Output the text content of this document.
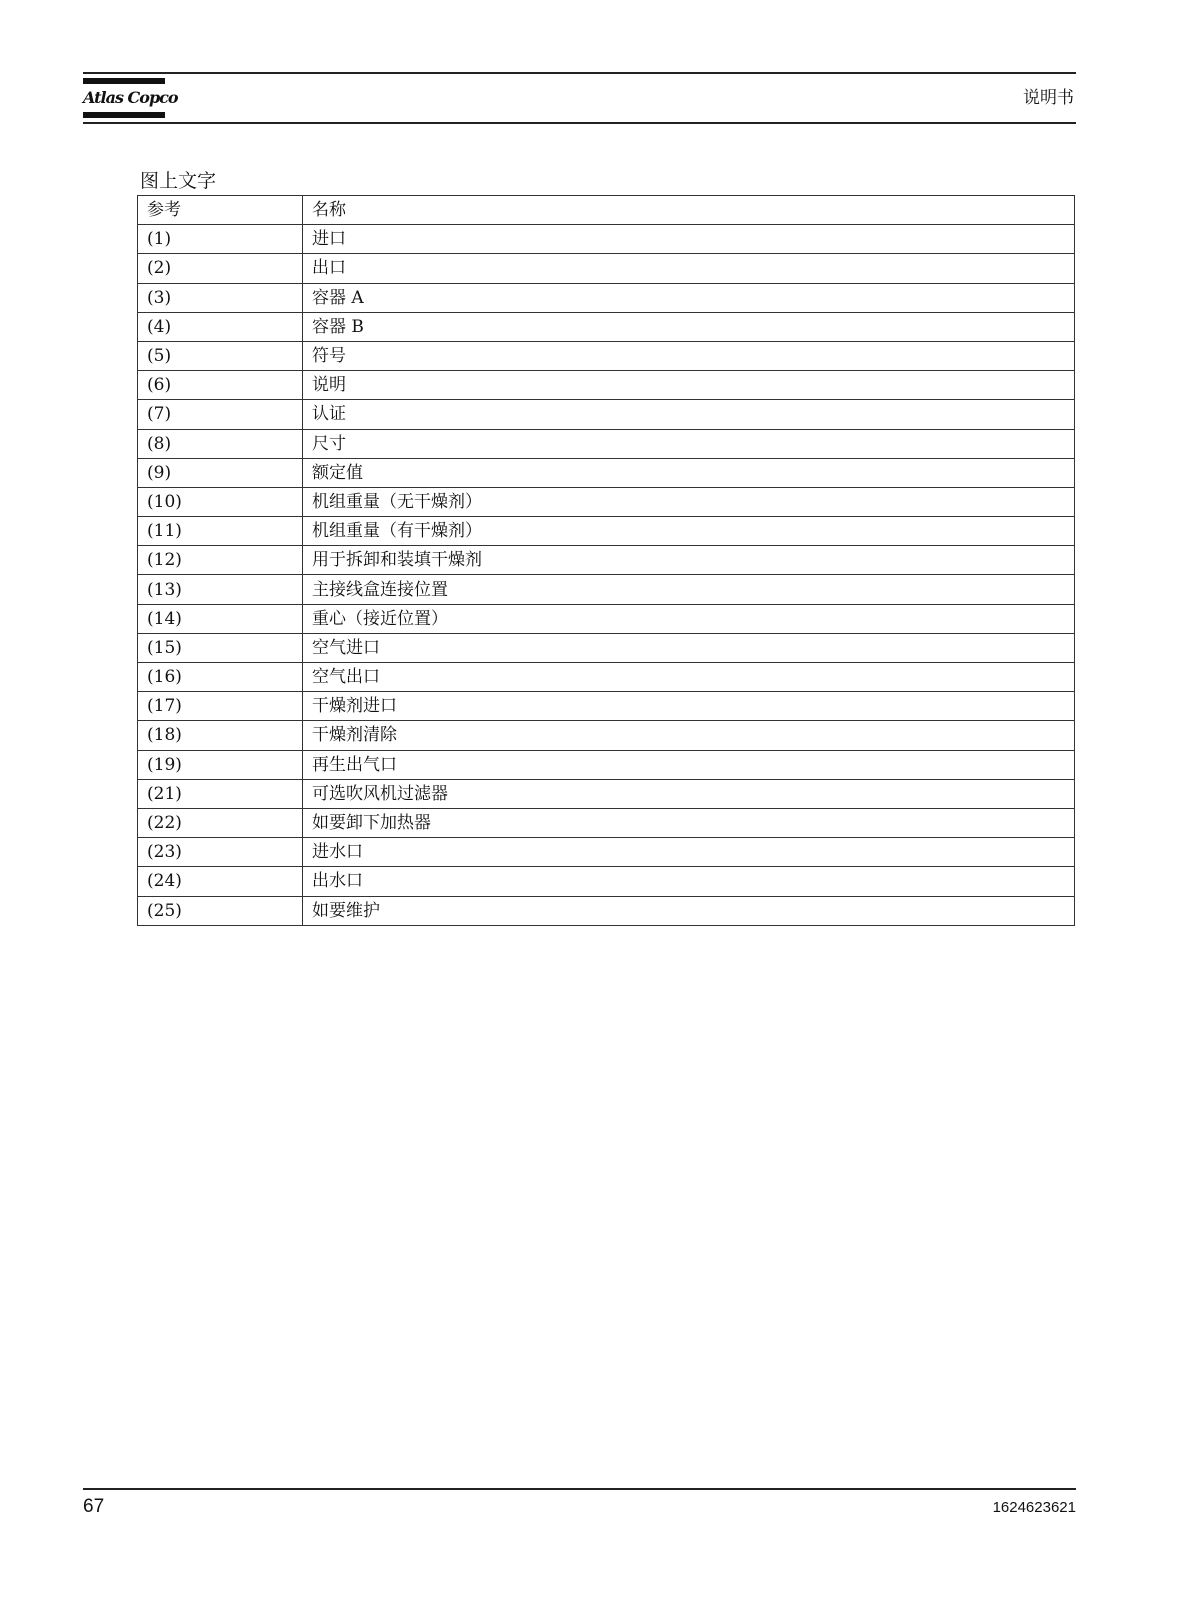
Atlas Copco	说明书
图上文字
参考	名称
(1)	进口
(2)	出口
(3)	容器 A
(4)	容器 B
(5)	符号
(6)	说明
(7)	认证
(8)	尺寸
(9)	额定值
(10)	机组重量（无干燥剂）
(11)	机组重量（有干燥剂）
(12)	用于拆卸和装填干燥剂
(13)	主接线盒连接位置
(14)	重心（接近位置）
(15)	空气进口
(16)	空气出口
(17)	干燥剂进口
(18)	干燥剂清除
(19)	再生出气口
(21)	可选吹风机过滤器
(22)	如要卸下加热器
(23)	进水口
(24)	出水口
(25)	如要维护
67	1624623621
